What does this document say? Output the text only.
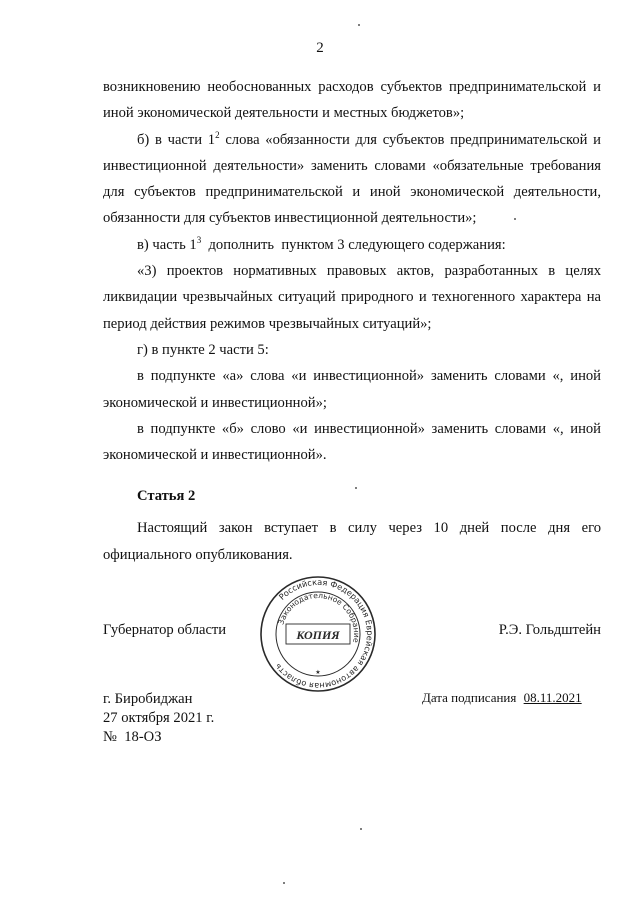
2

возникновению необоснованных расходов субъектов предпринимательской и иной экономической деятельности и местных бюджетов»;

б) в части $1^2$ слова «обязанности для субъектов предпринимательской и инвестиционной деятельности» заменить словами «обязательные требования для субъектов предпринимательской и иной экономической деятельности, обязанности для субъектов инвестиционной деятельности»;

в) часть $1^3$  дополнить  пунктом 3 следующего содержания:

«3) проектов нормативных правовых актов, разработанных в целях ликвидации чрезвычайных ситуаций природного и техногенного характера на период действия режимов чрезвычайных ситуаций»;

г) в пункте 2 части 5:

в подпункте «а» слова «и инвестиционной» заменить словами «, иной экономической и инвестиционной»;

в подпункте «б» слово «и инвестиционной» заменить словами «, иной экономической и инвестиционной».

Статья 2
Настоящий закон вступает в силу через 10 дней после дня его официального опубликования.
Губернатор области	Р.Э. Гольдштейн
Российская Федерация Еврейская автономная область
Законодательное Собрание
КОПИЯ
★
г. Биробиджан
27 октября 2021 г.
№  18-ОЗ
Дата подписания 08.11.2021
